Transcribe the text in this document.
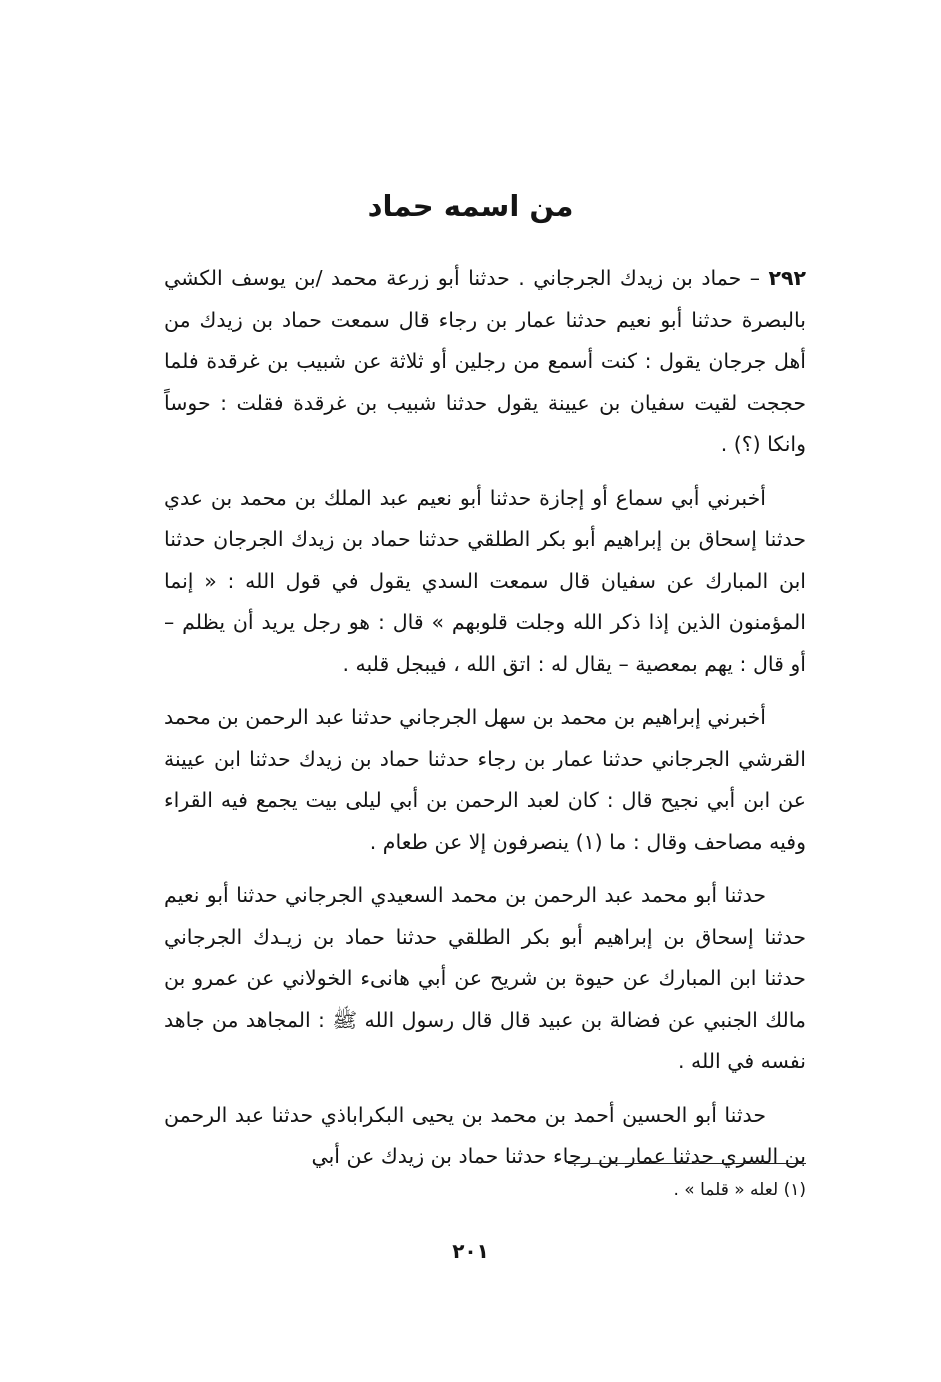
من اسمه حماد

٢٩٢ – حماد بن زيدك الجرجاني . حدثنا أبو زرعة محمد /بن يوسف الكشي بالبصرة حدثنا أبو نعيم حدثنا عمار بن رجاء قال سمعت حماد بن زيدك من أهل جرجان يقول : كنت أسمع من رجلين أو ثلاثة عن شبيب بن غرقدة فلما حججت لقيت سفيان بن عيينة يقول حدثنا شبيب بن غرقدة فقلت : حوساً وانكا (؟) .

أخبرني أبي سماع أو إجازة حدثنا أبو نعيم عبد الملك بن محمد بن عدي حدثنا إسحاق بن إبراهيم أبو بكر الطلقي حدثنا حماد بن زيدك الجرجان حدثنا ابن المبارك عن سفيان قال سمعت السدي يقول في قول الله : « إنما المؤمنون الذين إذا ذكر الله وجلت قلوبهم » قال : هو رجل يريد أن يظلم – أو قال : يهم بمعصية – يقال له : اتق الله ، فيبجل قلبه .

أخبرني إبراهيم بن محمد بن سهل الجرجاني حدثنا عبد الرحمن بن محمد القرشي الجرجاني حدثنا عمار بن رجاء حدثنا حماد بن زيدك حدثنا ابن عيينة عن ابن أبي نجيح قال : كان لعبد الرحمن بن أبي ليلى بيت يجمع فيه القراء وفيه مصاحف وقال : ما (١) ينصرفون إلا عن طعام .

حدثنا أبو محمد عبد الرحمن بن محمد السعيدي الجرجاني حدثنا أبو نعيم حدثنا إسحاق بن إبراهيم أبو بكر الطلقي حدثنا حماد بن زيـدك الجرجاني حدثنا ابن المبارك عن حيوة بن شريح عن أبي هانىء الخولاني عن عمرو بن مالك الجنبي عن فضالة بن عبيد قال قال رسول الله ﷺ : المجاهد من جاهد نفسه في الله .

حدثنا أبو الحسين أحمد بن محمد بن يحيى البكراباذي حدثنا عبد الرحمن بن السري حدثنا عمار بن رجاء حدثنا حماد بن زيدك عن أبي

(١) لعله « قلما » .

٢٠١
